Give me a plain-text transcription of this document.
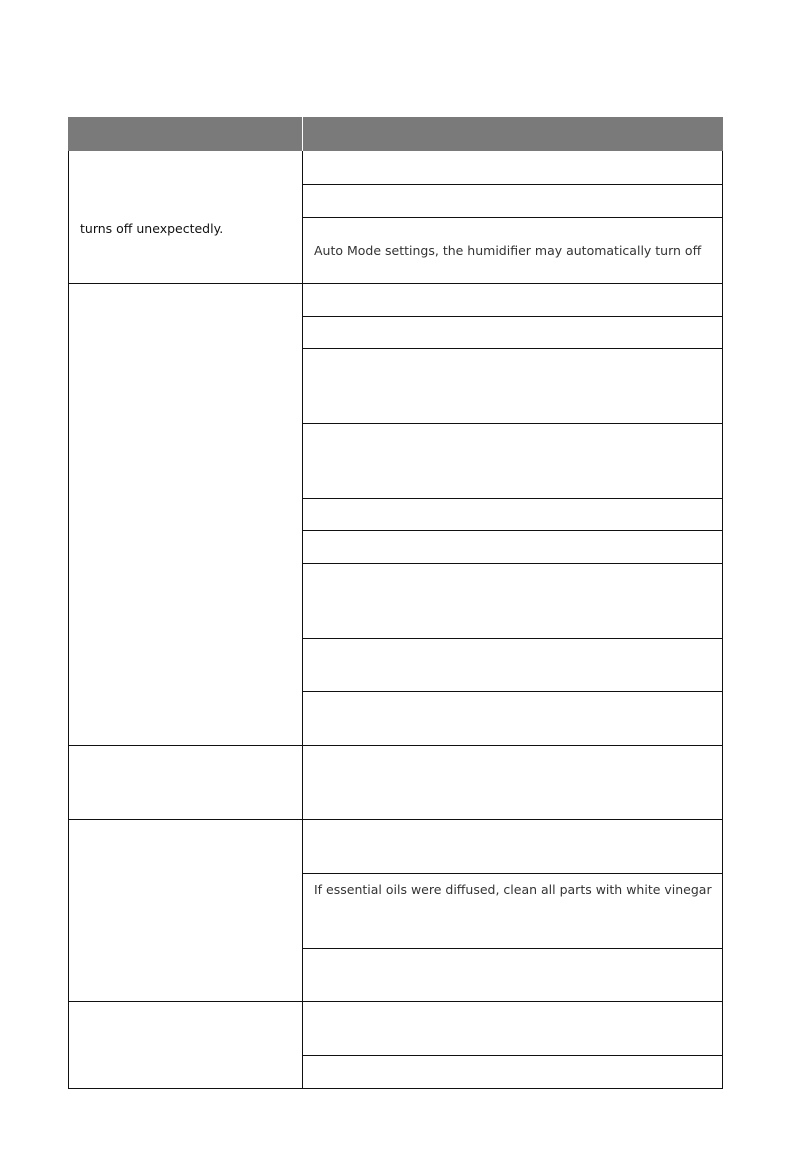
turns off unexpectedly.
Auto Mode settings, the humidifier may automatically turn off
If essential oils were diffused, clean all parts with white vinegar
